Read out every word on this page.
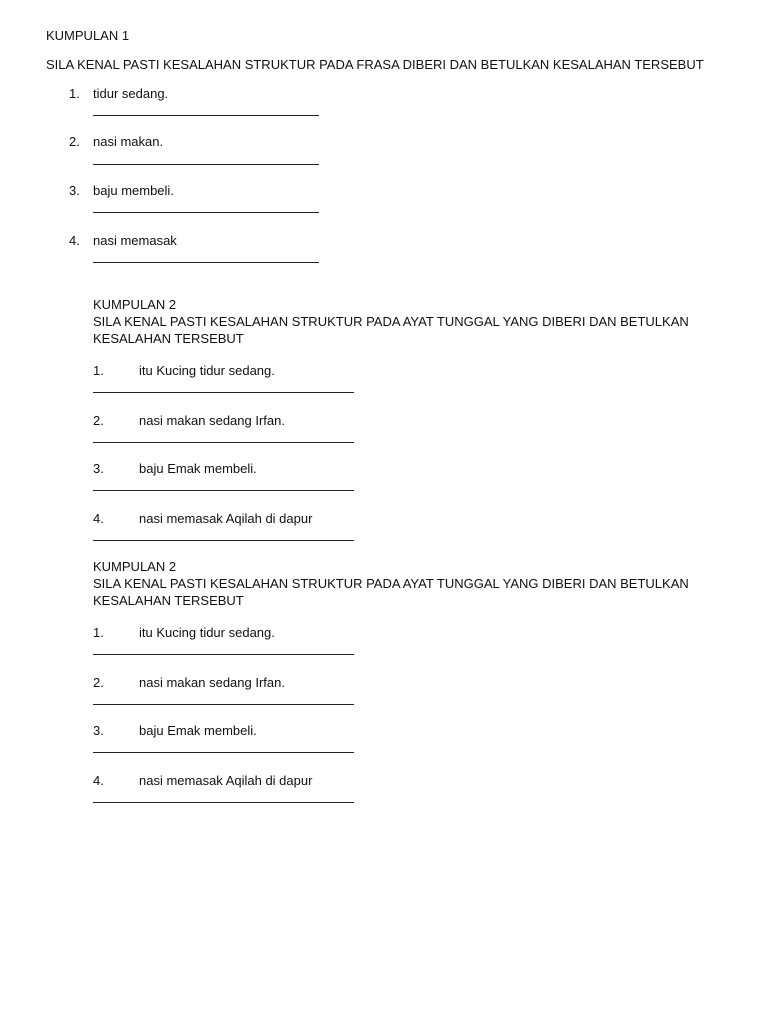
KUMPULAN 1
SILA KENAL PASTI KESALAHAN STRUKTUR PADA FRASA DIBERI DAN BETULKAN KESALAHAN TERSEBUT
1. tidur sedang.
2. nasi makan.
3. baju membeli.
4. nasi memasak
KUMPULAN 2
SILA KENAL PASTI KESALAHAN STRUKTUR PADA AYAT TUNGGAL YANG DIBERI DAN BETULKAN
KESALAHAN TERSEBUT
1.	itu Kucing tidur sedang.
2.	nasi makan sedang Irfan.
3.	baju Emak membeli.
4.	nasi memasak Aqilah di dapur
KUMPULAN 2
SILA KENAL PASTI KESALAHAN STRUKTUR PADA AYAT TUNGGAL YANG DIBERI DAN BETULKAN
KESALAHAN TERSEBUT
1.	itu Kucing tidur sedang.
2.	nasi makan sedang Irfan.
3.	baju Emak membeli.
4.	nasi memasak Aqilah di dapur
